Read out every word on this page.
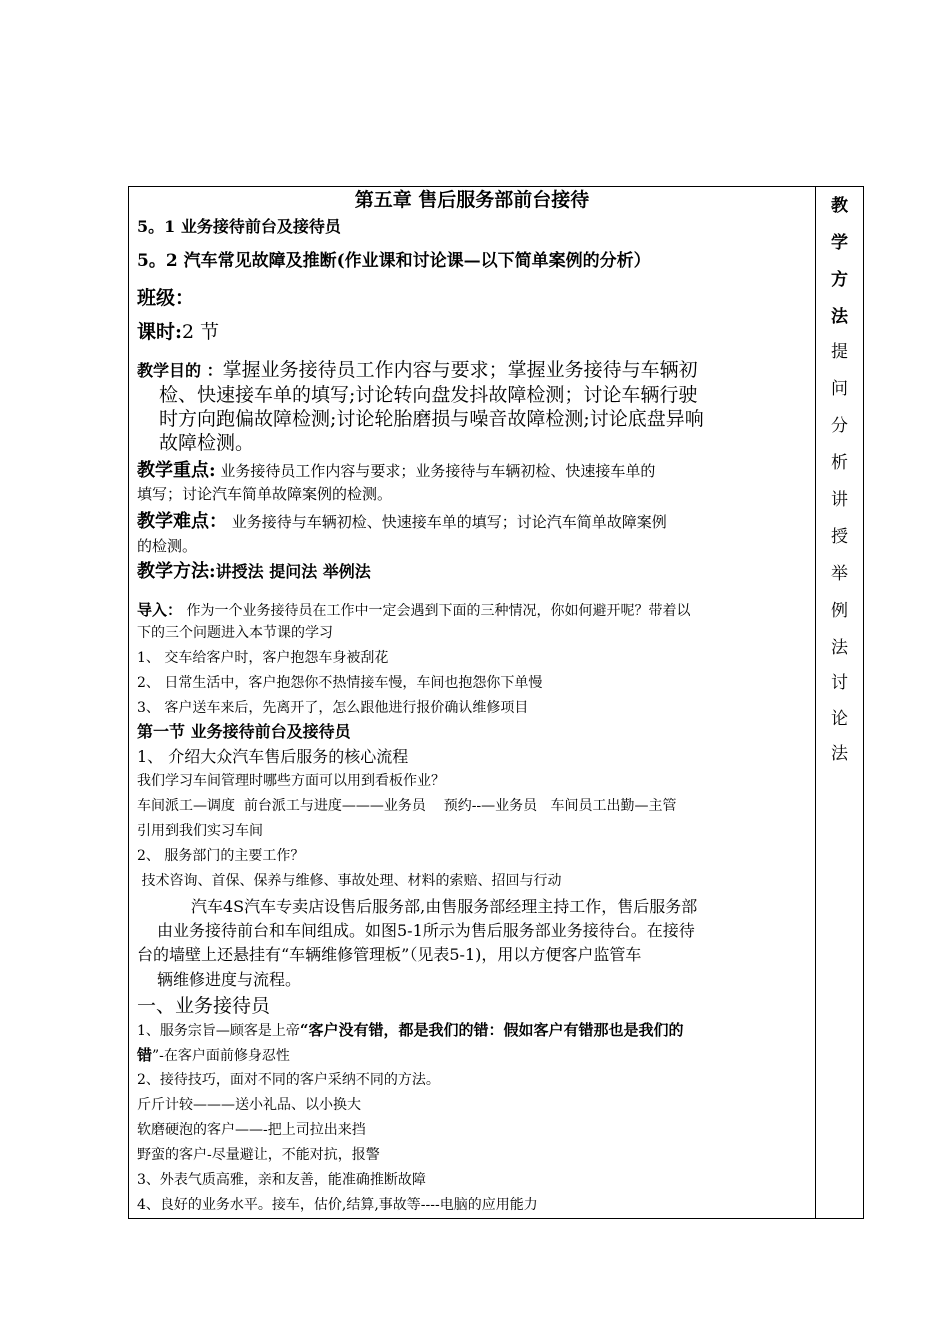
第五章 售后服务部前台接待
5。1 业务接待前台及接待员
5。2 汽车常见故障及推断(作业课和讨论课—以下简单案例的分析）
班级：
课时:2 节
教学目的 ：掌握业务接待员工作内容与要求；掌握业务接待与车辆初
检、快速接车单的填写;讨论转向盘发抖故障检测；讨论车辆行驶
时方向跑偏故障检测;讨论轮胎磨损与噪音故障检测;讨论底盘异响
故障检测。
教学重点: 业务接待员工作内容与要求；业务接待与车辆初检、快速接车单的
填写；讨论汽车简单故障案例的检测。
教学难点： 业务接待与车辆初检、快速接车单的填写；讨论汽车简单故障案例
的检测。
教学方法:讲授法 提问法 举例法
导入： 作为一个业务接待员在工作中一定会遇到下面的三种情况，你如何避开呢？带着以
下的三个问题进入本节课的学习
1、 交车给客户时，客户抱怨车身被刮花
2、 日常生活中，客户抱怨你不热情接车慢，车间也抱怨你下单慢
3、 客户送车来后，先离开了，怎么跟他进行报价确认维修项目
第一节 业务接待前台及接待员
1、 介绍大众汽车售后服务的核心流程
我们学习车间管理时哪些方面可以用到看板作业？
车间派工—调度  前台派工与进度———业务员    预约--—业务员   车间员工出勤—主管
引用到我们实习车间
2、 服务部门的主要工作？
技术咨询、首保、保养与维修、事故处理、材料的索赔、招回与行动
汽车4S汽车专卖店设售后服务部,由售服务部经理主持工作，售后服务部
由业务接待前台和车间组成。如图5-1所示为售后服务部业务接待台。在接待
台的墙壁上还悬挂有“车辆维修管理板”（见表5-1)，用以方便客户监管车
辆维修进度与流程。
一、业务接待员
1、服务宗旨—顾客是上帝“客户没有错，都是我们的错：假如客户有错那也是我们的
错”-在客户面前修身忍性
2、接待技巧，面对不同的客户采纳不同的方法。
斤斤计较———送小礼品、以小换大
软磨硬泡的客户——-把上司拉出来挡
野蛮的客户-尽量避让，不能对抗，报警
3、外表气质高雅，亲和友善，能准确推断故障
4、良好的业务水平。接车，估价,结算,事故等----电脑的应用能力
教
学
方
法
提
问
分
析
讲
授
举
例
法
讨
论
法
